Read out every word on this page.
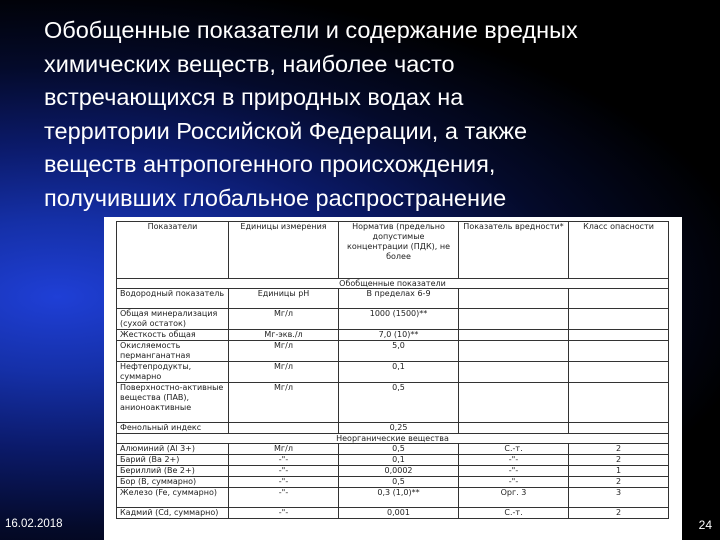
Обобщенные показатели и содержание вредных
химических веществ, наиболее часто
встречающихся в природных водах на
территории Российской Федерации, а также
веществ антропогенного происхождения,
получивших глобальное распространение
Показатели	Единицы измерения	Норматив (предельно допустимые концентрации (ПДК), не более	Показатель вредности*	Класс опасности
Обобщенные показатели				
Водородный показатель	Единицы рН	В пределах 6-9		
Общая минерализация (сухой остаток)	Мг/л	1000 (1500)**		
Жесткость общая	Мг-экв./л	7,0 (10)**		
Окисляемость перманганатная	Мг/л	5,0		
Нефтепродукты, суммарно	Мг/л	0,1		
Поверхностно-активные вещества (ПАВ), анионоактивные	Мг/л	0,5		
Фенольный индекс		0,25		
Неорганические вещества				
Алюминий (Al 3+)	Мг/л	0,5	С.-т.	2
Барий (Ba 2+)	-"-	0,1	-"-	2
Бериллий (Be 2+)	-"-	0,0002	-"-	1
Бор (B, суммарно)	-"-	0,5	-"-	2
Железо (Fe, суммарно)	-"-	0,3 (1,0)**	Орг. 3	3
Кадмий (Cd, суммарно)	-"-	0,001	С.-т.	2
16.02.2018	24
